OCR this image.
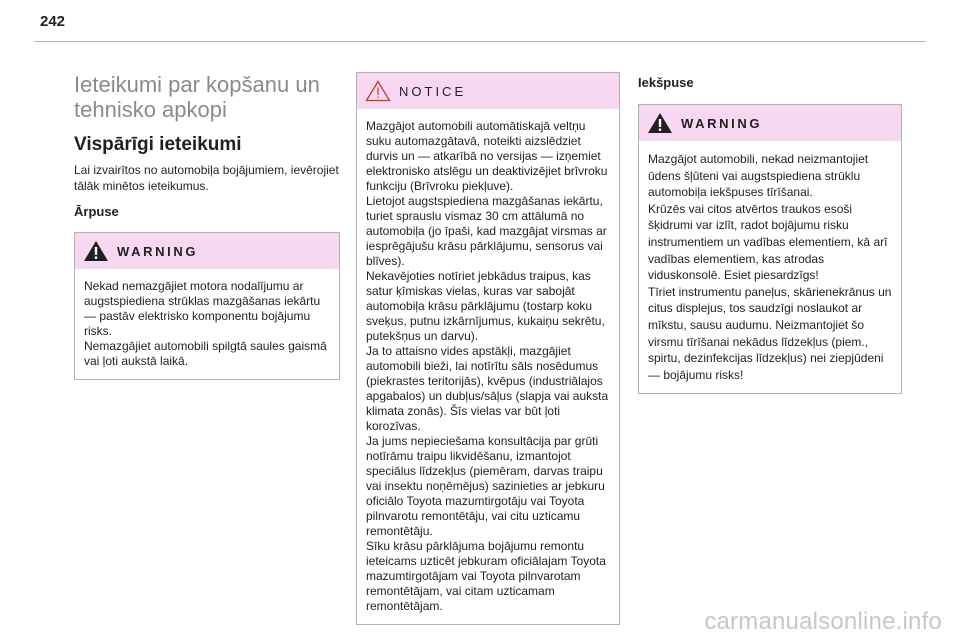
242
Ieteikumi par kopšanu un tehnisko apkopi
Vispārīgi ieteikumi

Lai izvairītos no automobiļa bojājumiem, ievērojiet tālāk minētos ieteikumus.

Ārpuse
WARNING
Nekad nemazgājiet motora nodalījumu ar augstspiediena strūklas mazgāšanas iekārtu — pastāv elektrisko komponentu bojājumu risks.
Nemazgājiet automobili spilgtā saules gaismā vai ļoti aukstā laikā.
NOTICE
Mazgājot automobili automātiskajā veltņu suku automazgātavā, noteikti aizslēdziet durvis un — atkarībā no versijas — izņemiet elektronisko atslēgu un deaktivizējiet brīvroku funkciju (Brīvroku piekļuve).
Lietojot augstspiediena mazgāšanas iekārtu, turiet sprauslu vismaz 30 cm attālumā no automobiļa (jo īpaši, kad mazgājat virsmas ar iesprēgājušu krāsu pārklājumu, sensorus vai blīves).
Nekavējoties notīriet jebkādus traipus, kas satur ķīmiskas vielas, kuras var sabojāt automobiļa krāsu pārklājumu (tostarp koku sveķus, putnu izkārnījumus, kukaiņu sekrētu, putekšņus un darvu).
Ja to attaisno vides apstākļi, mazgājiet automobili bieži, lai notīrītu sāls nosēdumus (piekrastes teritorijās), kvēpus (industriālajos apgabalos) un dubļus/sāļus (slapja vai auksta klimata zonās). Šīs vielas var būt ļoti korozīvas.
Ja jums nepieciešama konsultācija par grūti notīrāmu traipu likvidēšanu, izmantojot speciālus līdzekļus (piemēram, darvas traipu vai insektu noņēmējus) sazinieties ar jebkuru oficiālo Toyota mazumtirgotāju vai Toyota pilnvarotu remontētāju, vai citu uzticamu remontētāju.
Sīku krāsu pārklājuma bojājumu remontu ieteicams uzticēt jebkuram oficiālajam Toyota mazumtirgotājam vai Toyota pilnvarotam remontētājam, vai citam uzticamam remontētājam.
Iekšpuse
WARNING
Mazgājot automobili, nekad neizmantojiet ūdens šļūteni vai augstspiediena strūklu automobiļa iekšpuses tīrīšanai.
Krūzēs vai citos atvērtos traukos esoši šķidrumi var izlīt, radot bojājumu risku instrumentiem un vadības elementiem, kā arī vadības elementiem, kas atrodas viduskonsolē. Esiet piesardzīgs!
Tīriet instrumentu paneļus, skārienekrānus un citus displejus, tos saudzīgi noslaukot ar mīkstu, sausu audumu. Neizmantojiet šo virsmu tīrīšanai nekādus līdzekļus (piem., spirtu, dezinfekcijas līdzekļus) nei ziepjūdeni — bojājumu risks!
carmanualsonline.info
